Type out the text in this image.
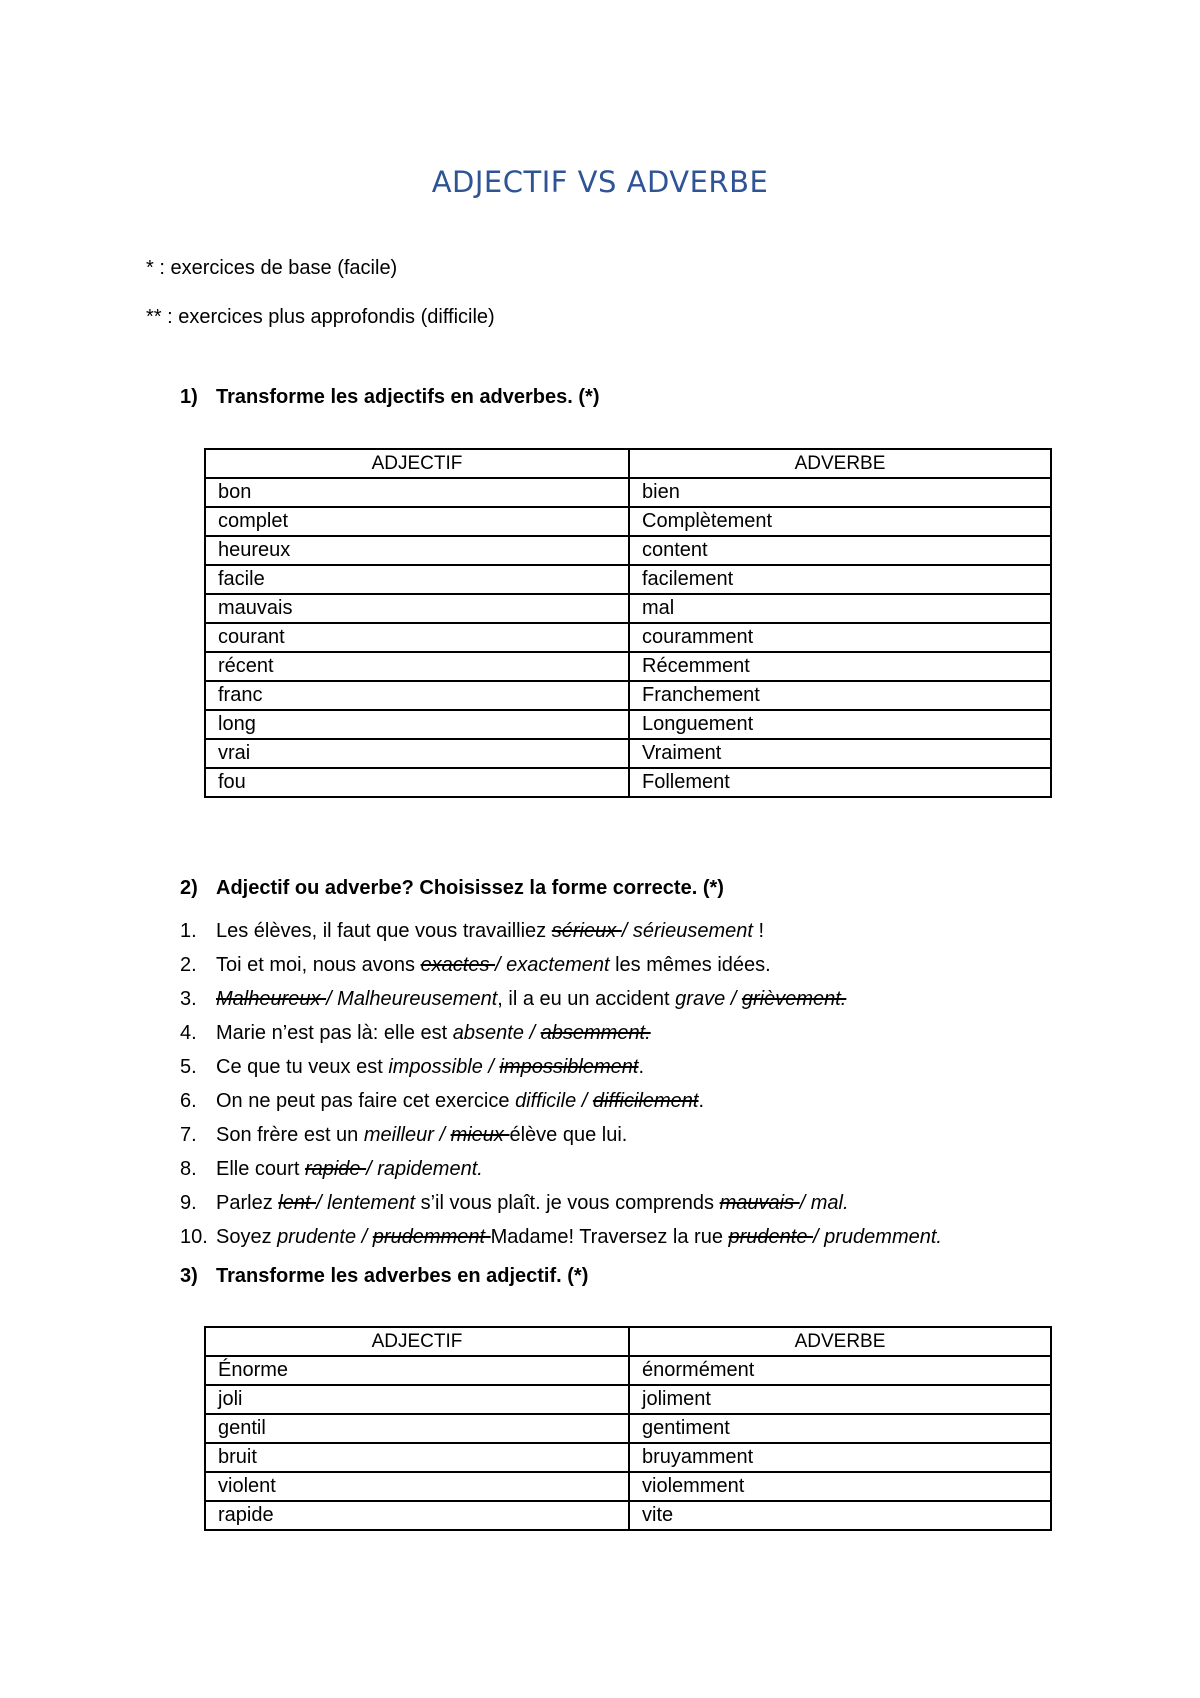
ADJECTIF VS ADVERBE
* : exercices de base (facile)
** : exercices plus approfondis (difficile)
1) Transforme les adjectifs en adverbes. (*)
ADJECTIF	ADVERBE
bon	bien
complet	Complètement
heureux	content
facile	facilement
mauvais	mal
courant	couramment
récent	Récemment
franc	Franchement
long	Longuement
vrai	Vraiment
fou	Follement
2) Adjectif ou adverbe? Choisissez la forme correcte. (*)
1. Les élèves, il faut que vous travailliez sérieux / sérieusement !
2. Toi et moi, nous avons exactes / exactement les mêmes idées.
3. Malheureux / Malheureusement, il a eu un accident grave / grièvement.
4. Marie n’est pas là: elle est absente / absemment.
5. Ce que tu veux est impossible / impossiblement.
6. On ne peut pas faire cet exercice difficile / difficilement.
7. Son frère est un meilleur / mieux élève que lui.
8. Elle court rapide / rapidement.
9. Parlez lent / lentement s’il vous plaît. je vous comprends mauvais / mal.
10. Soyez prudente / prudemment Madame! Traversez la rue prudente / prudemment.
3) Transforme les adverbes en adjectif. (*)
ADJECTIF	ADVERBE
Énorme	énormément
joli	joliment
gentil	gentiment
bruit	bruyamment
violent	violemment
rapide	vite
